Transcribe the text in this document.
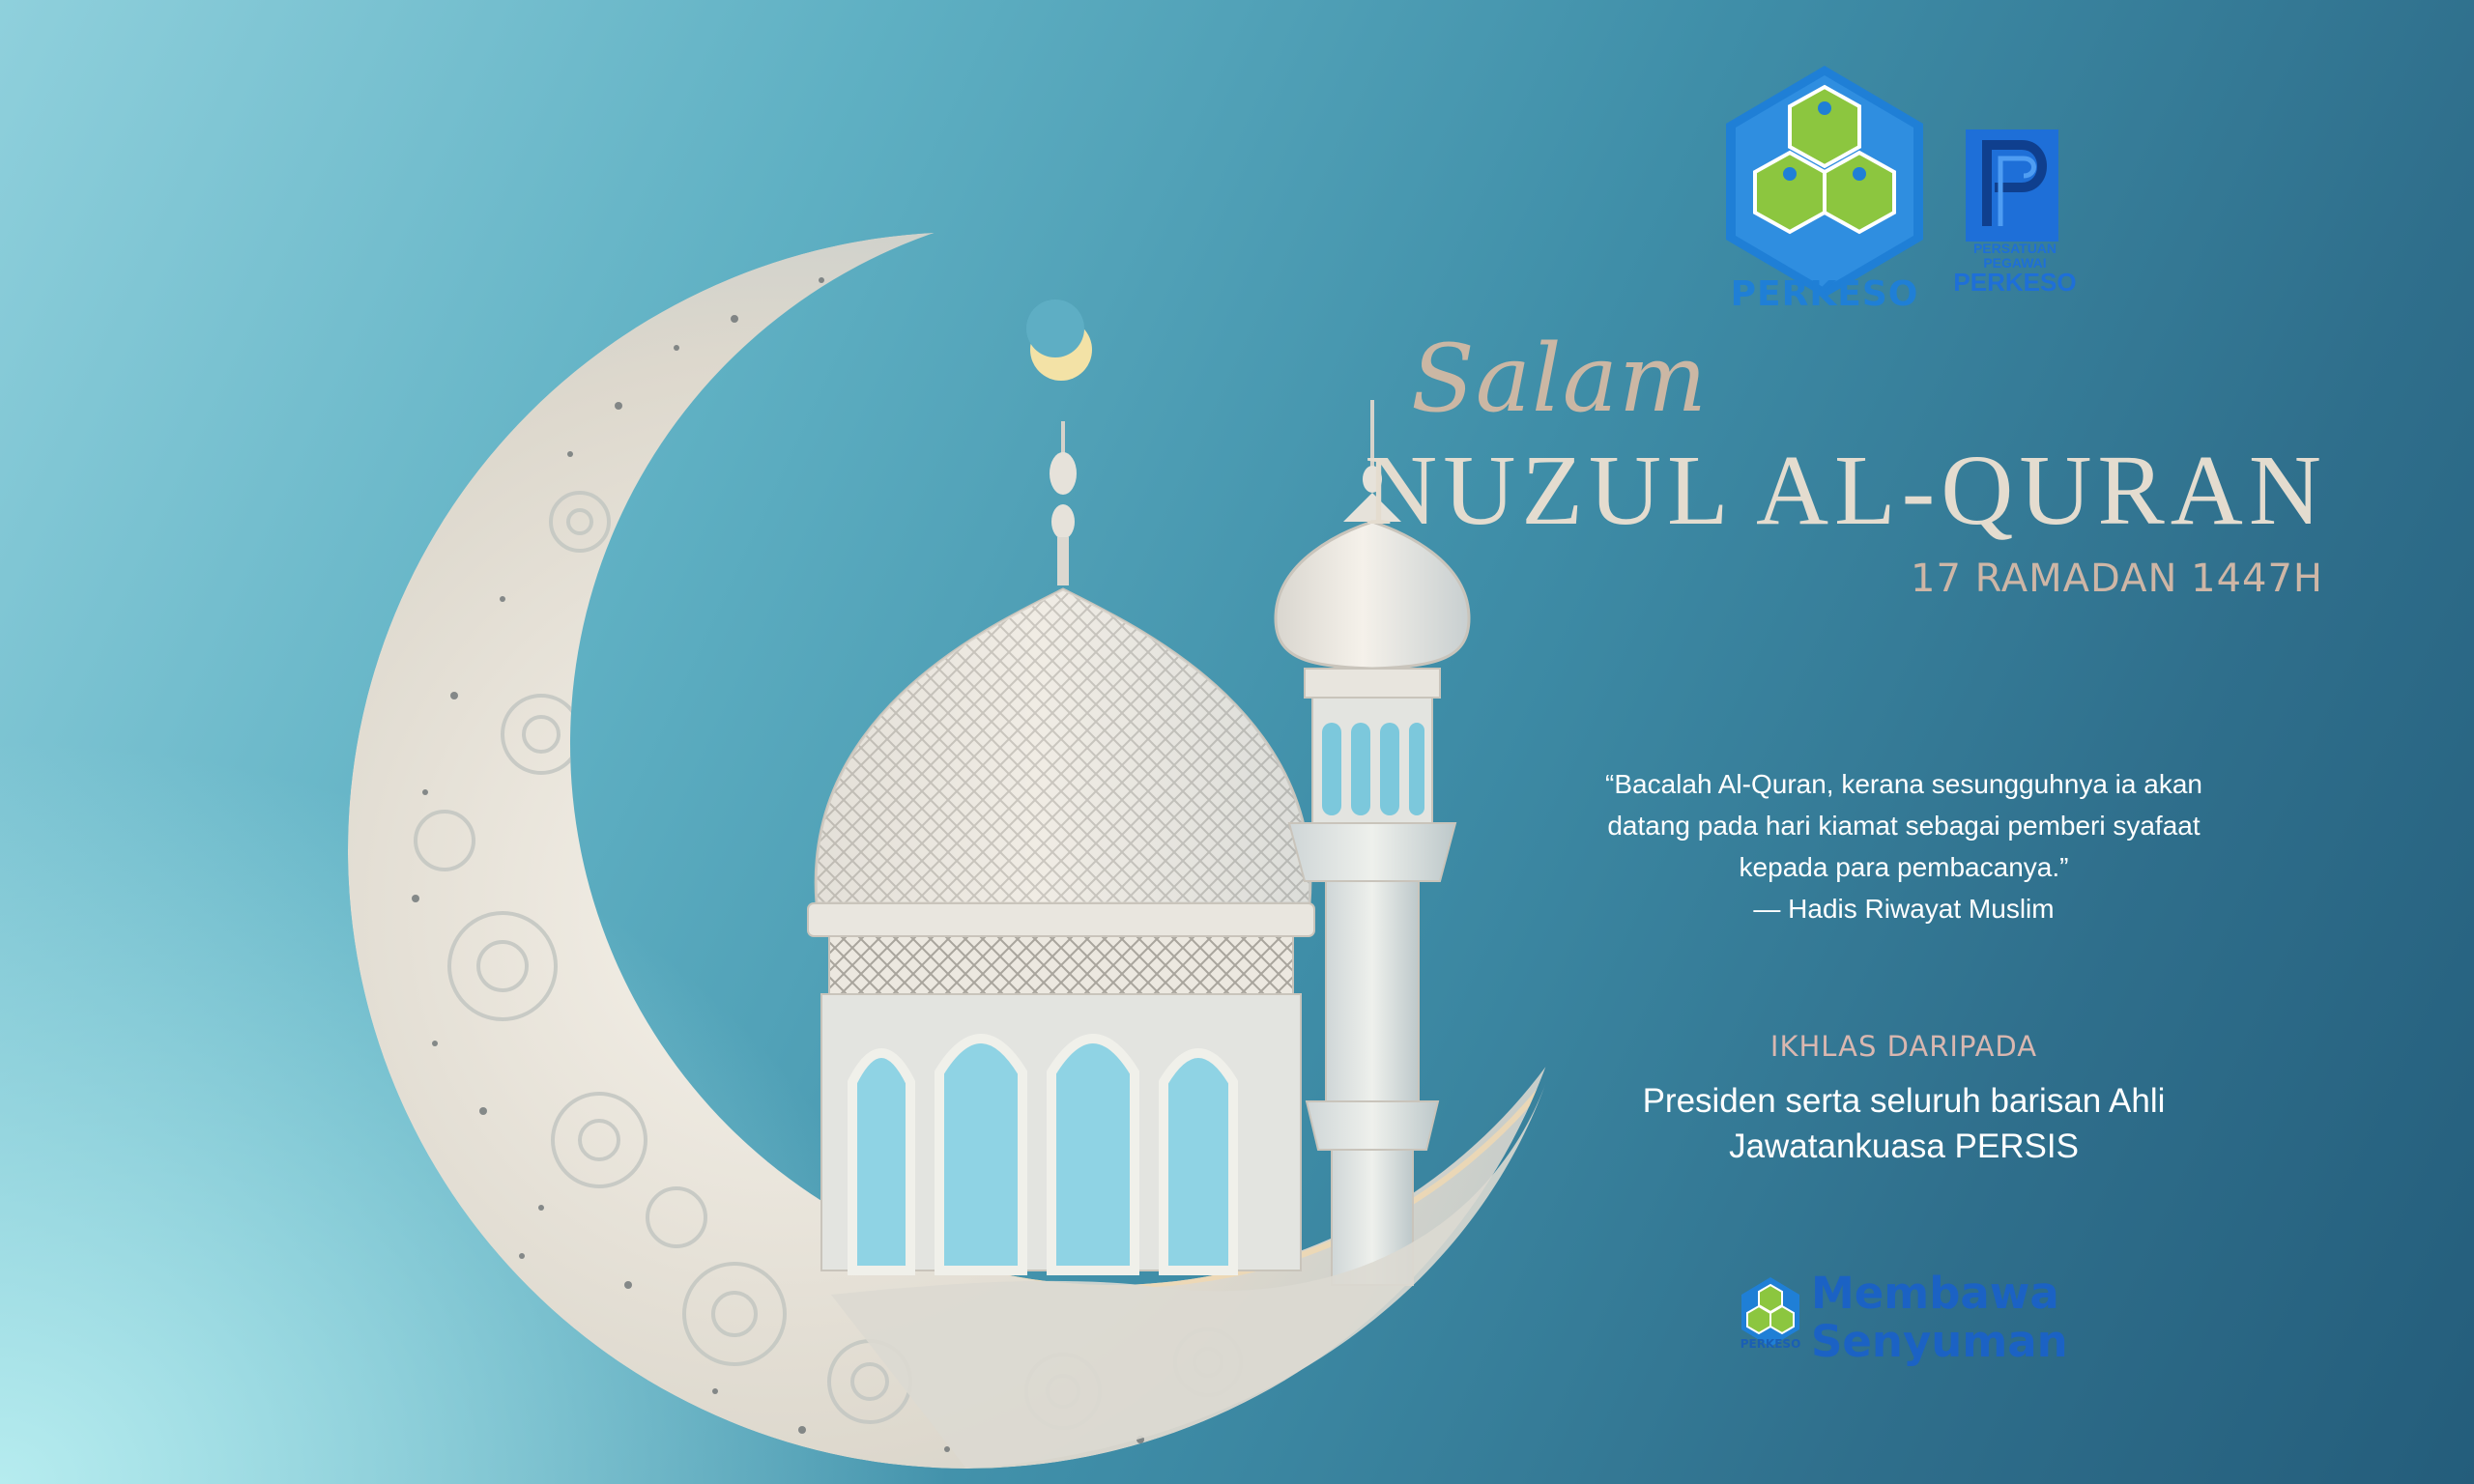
PERKESO
PERSATUAN PEGAWAI
PERKESO
Salam
NUZUL AL-QURAN
17 RAMADAN 1447H
“Bacalah Al-Quran, kerana sesungguhnya ia akan
datang pada hari kiamat sebagai pemberi syafaat
kepada para pembacanya.”
— Hadis Riwayat Muslim
IKHLAS DARIPADA
Presiden serta seluruh barisan Ahli
Jawatankuasa PERSIS
PERKESO
Membawa
Senyuman
